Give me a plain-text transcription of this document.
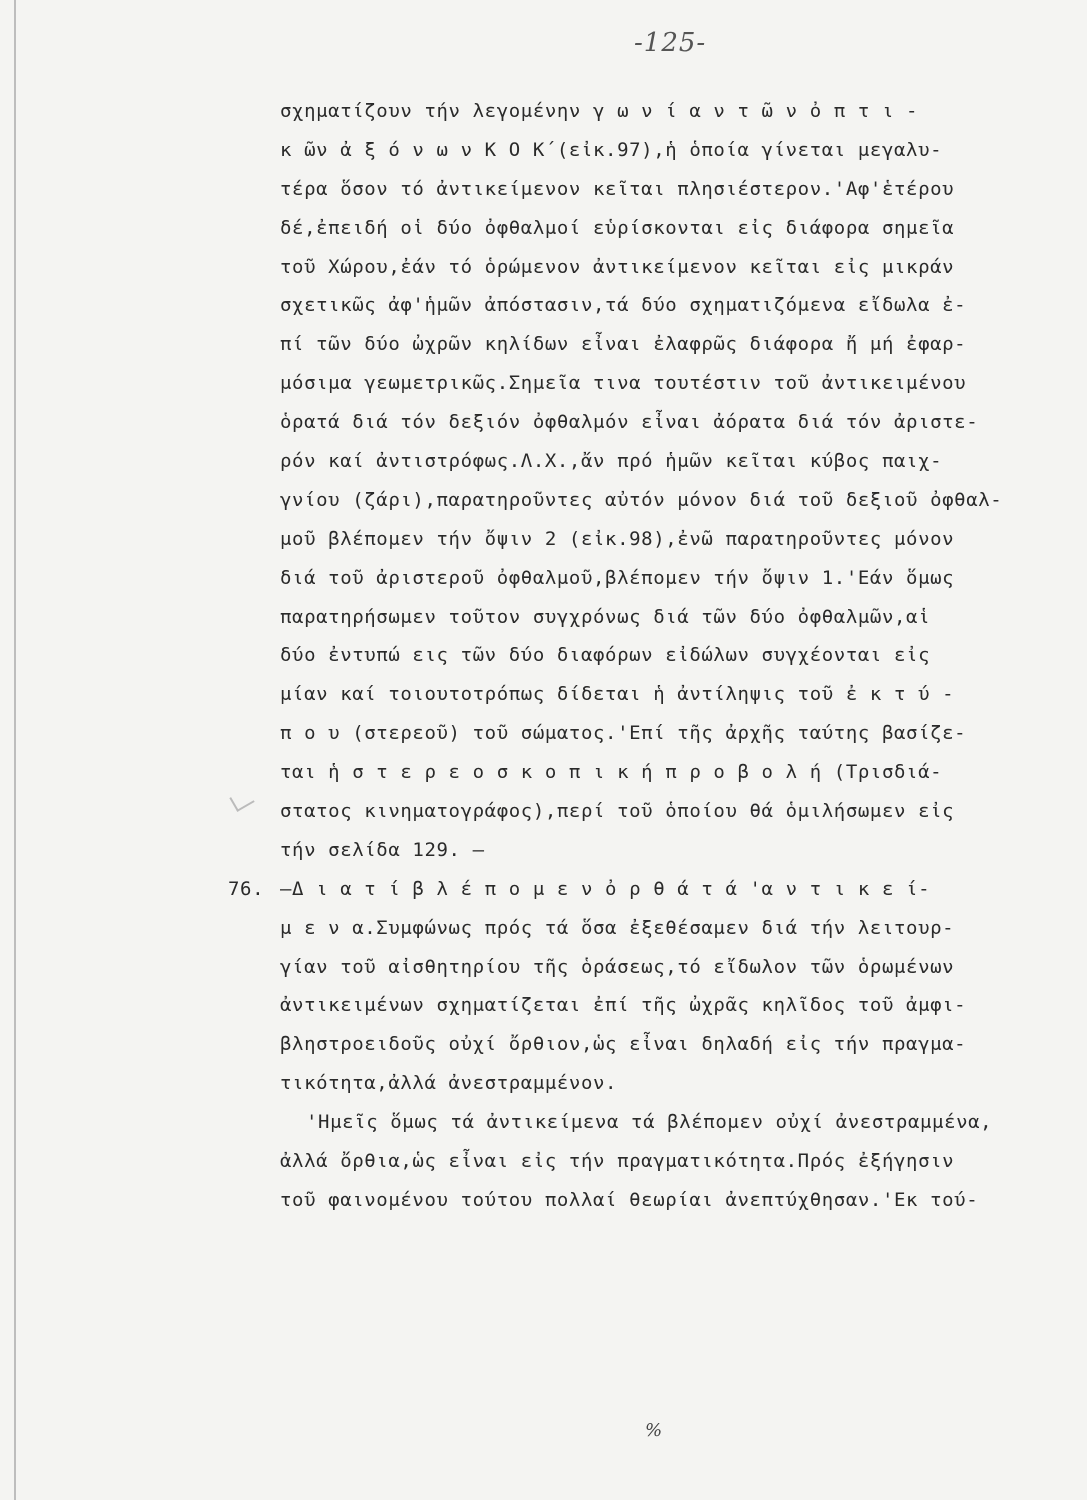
-125-
σχηματίζουν τήν λεγομένην γ ω ν ί α ν τ ῶ ν ὀ π τ ι -
κ ῶν ἀ ξ ό ν ω ν Κ Ο Κ΄(εἰκ.97),ἡ ὁποία γίνεται μεγαλυ-
τέρα ὅσον τό ἀντικείμενον κεῖται πλησιέστερον.'Αφ'ἑτέρου
δέ,ἐπειδή οἱ δύο ὀφθαλμοί εὑρίσκονται εἰς διάφορα σημεῖα
τοῦ Χώρου,ἐάν τό ὁρώμενον ἀντικείμενον κεῖται εἰς μικράν
σχετικῶς ἀφ'ἡμῶν ἀπόστασιν,τά δύο σχηματιζόμενα εἴδωλα ἐ-
πί τῶν δύο ὠχρῶν κηλίδων εἶναι ἐλαφρῶς διάφορα ἤ μή ἐφαρ-
μόσιμα γεωμετρικῶς.Σημεῖα τινα τουτέστιν τοῦ ἀντικειμένου
ὁρατά διά τόν δεξιόν ὀφθαλμόν εἶναι ἀόρατα διά τόν ἀριστε-
ρόν καί ἀντιστρόφως.Λ.Χ.,ἄν πρό ἡμῶν κεῖται κύβος παιχ-
γνίου (ζάρι),παρατηροῦντες αὐτόν μόνον διά τοῦ δεξιοῦ ὀφθαλ-
μοῦ βλέπομεν τήν ὄψιν 2 (εἰκ.98),ἐνῶ παρατηροῦντες μόνον
διά τοῦ ἀριστεροῦ ὀφθαλμοῦ,βλέπομεν τήν ὄψιν 1.'Εάν ὅμως
παρατηρήσωμεν τοῦτον συγχρόνως διά τῶν δύο ὀφθαλμῶν,αἱ
δύο ἐντυπώ εις τῶν δύο διαφόρων εἰδώλων συγχέονται εἰς
μίαν καί τοιουτοτρόπως δίδεται ἡ ἀντίληψις τοῦ ἐ κ τ ύ -
π ο υ (στερεοῦ) τοῦ σώματος.'Επί τῆς ἀρχῆς ταύτης βασίζε-
ται ἡ σ τ ε ρ ε ο σ κ ο π ι κ ή π ρ ο β ο λ ή (Τρισδιά-
στατος κινηματογράφος),περί τοῦ ὁποίου θά ὁμιλήσωμεν εἰς
τήν σελίδα 129. –
76. –Δ ι α τ ί β λ έ π ο μ ε ν ὀ ρ θ ά τ ά 'α ν τ ι κ ε ί-
μ ε ν α.Συμφώνως πρός τά ὅσα ἐξεθέσαμεν διά τήν λειτουρ-
γίαν τοῦ αἰσθητηρίου τῆς ὁράσεως,τό εἴδωλον τῶν ὁρωμένων
ἀντικειμένων σχηματίζεται ἐπί τῆς ὠχρᾶς κηλῖδος τοῦ ἀμφι-
βληστροειδοῦς οὐχί ὄρθιον,ὡς εἶναι δηλαδή εἰς τήν πραγμα-
τικότητα,ἀλλά ἀνεστραμμένον.
'Ημεῖς ὅμως τά ἀντικείμενα τά βλέπομεν οὐχί ἀνεστραμμένα,
ἀλλά ὄρθια,ὡς εἶναι εἰς τήν πραγματικότητα.Πρός ἐξήγησιν
τοῦ φαινομένου τούτου πολλαί θεωρίαι ἀνεπτύχθησαν.'Εκ τού-
%
